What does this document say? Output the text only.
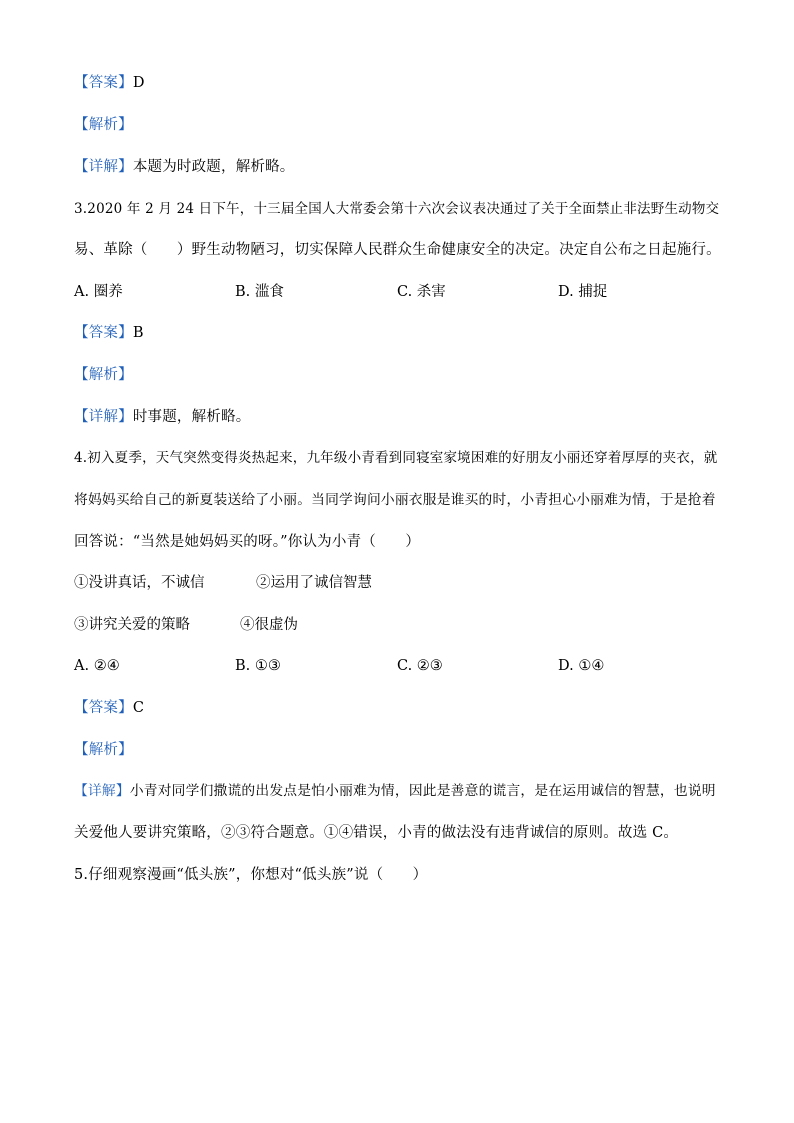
【答案】D
【解析】
【详解】本题为时政题，解析略。
3.2020 年 2 月 24 日下午，十三届全国人大常委会第十六次会议表决通过了关于全面禁止非法野生动物交
易、革除（　　）野生动物陋习，切实保障人民群众生命健康安全的决定。决定自公布之日起施行。
A. 圈养	B. 滥食	C. 杀害	D. 捕捉
【答案】B
【解析】
【详解】时事题，解析略。
4.初入夏季，天气突然变得炎热起来，九年级小青看到同寝室家境困难的好朋友小丽还穿着厚厚的夹衣，就
将妈妈买给自己的新夏装送给了小丽。当同学询问小丽衣服是谁买的时，小青担心小丽难为情，于是抢着
回答说：“当然是她妈妈买的呀。”你认为小青（　　）
①没讲真话，不诚信	②运用了诚信智慧
③讲究关爱的策略	④很虚伪
A. ②④	B. ①③	C. ②③	D. ①④
【答案】C
【解析】
【详解】小青对同学们撒谎的出发点是怕小丽难为情，因此是善意的谎言，是在运用诚信的智慧，也说明
关爱他人要讲究策略，②③符合题意。①④错误，小青的做法没有违背诚信的原则。故选 C。
5.仔细观察漫画“低头族”，你想对“低头族”说（　　）
